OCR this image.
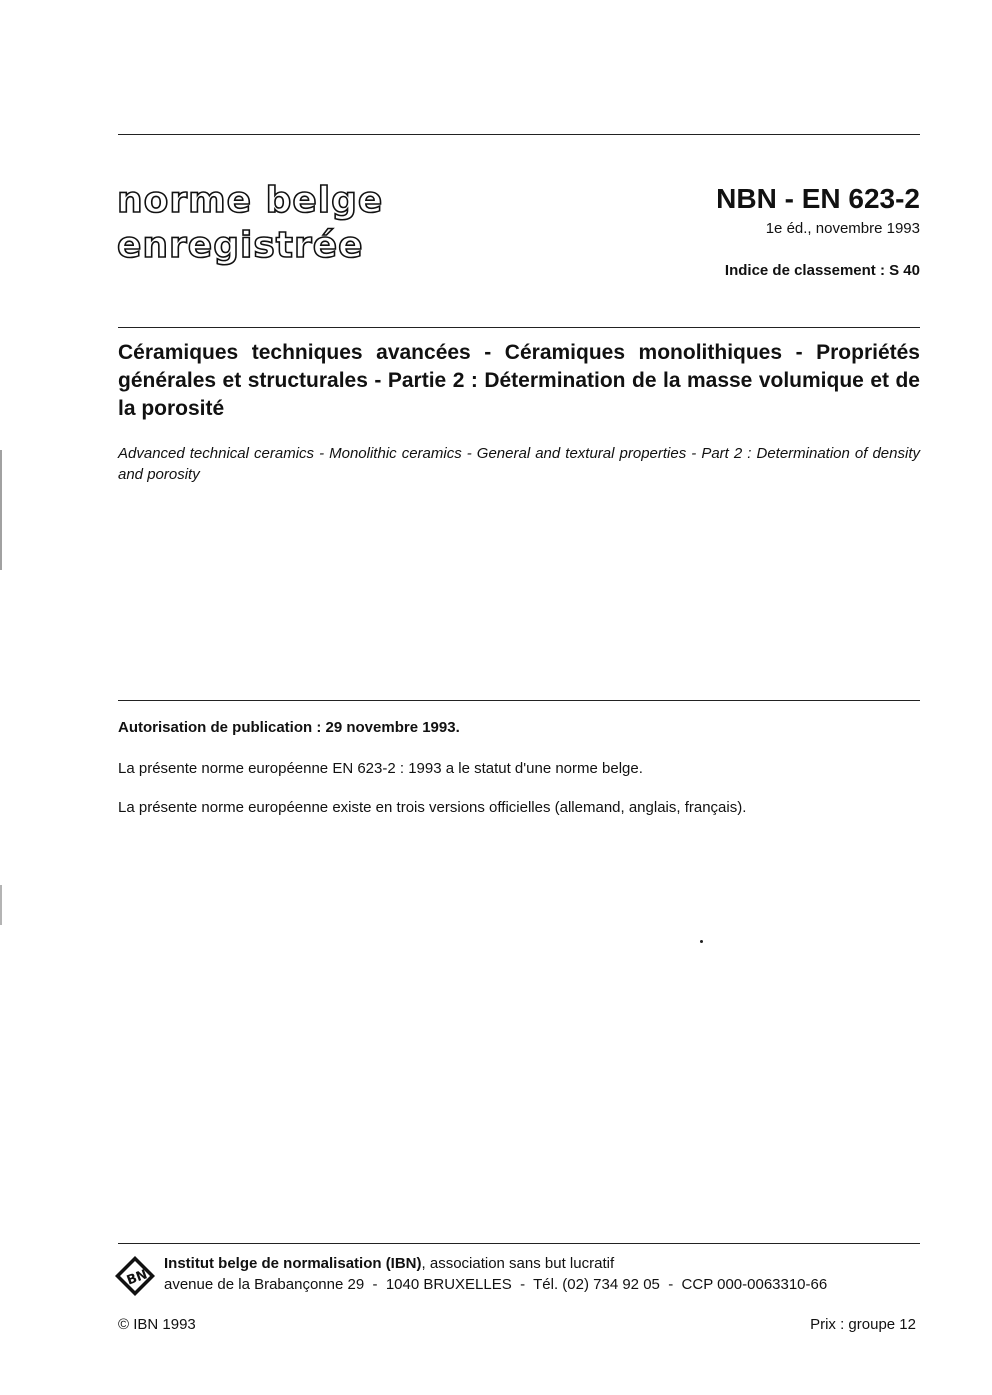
norme belge
enregistrée
NBN - EN 623-2
1e éd., novembre 1993
Indice de classement : S 40
Céramiques techniques avancées - Céramiques monolithiques - Propriétés générales et structurales - Partie 2 : Détermination de la masse volumique et de la porosité
Advanced technical ceramics - Monolithic ceramics - General and textural properties - Part 2 : Determination of density and porosity
Autorisation de publication : 29 novembre 1993.
La présente norme européenne EN 623-2 : 1993 a le statut d'une norme belge.
La présente norme européenne existe en trois versions officielles (allemand, anglais, français).
BN
Institut belge de normalisation (IBN), association sans but lucratif
avenue de la Brabançonne 29  -  1040 BRUXELLES  -  Tél. (02) 734 92 05  -  CCP 000-0063310-66
© IBN 1993	Prix : groupe 12
